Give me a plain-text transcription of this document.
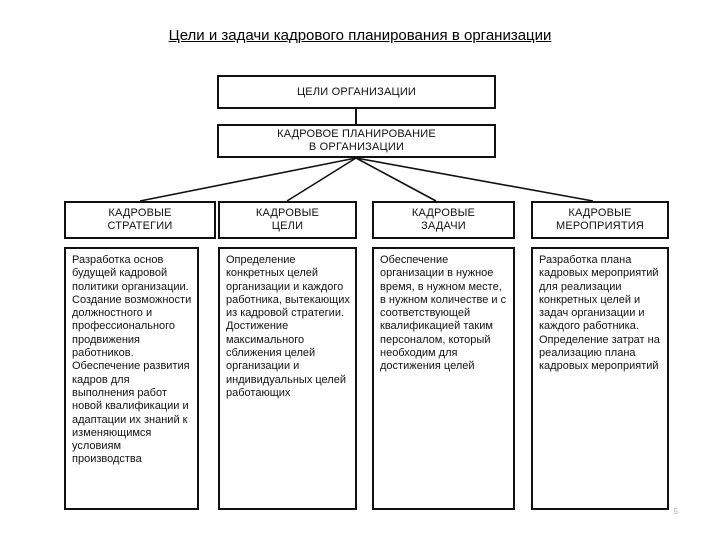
Цели и задачи кадрового планирования в организации
ЦЕЛИ ОРГАНИЗАЦИИ
КАДРОВОЕ ПЛАНИРОВАНИЕ
В ОРГАНИЗАЦИИ
КАДРОВЫЕ
СТРАТЕГИИ
КАДРОВЫЕ
ЦЕЛИ
КАДРОВЫЕ
ЗАДАЧИ
КАДРОВЫЕ
МЕРОПРИЯТИЯ
Разработка основ будущей кадровой политики организации. Создание возможности должностного и профессионального продвижения работников. Обеспечение развития кадров для выполнения работ новой квалификации и адаптации их знаний к изменяющимся условиям производства
Определение конкретных целей организации и каждого работника, вытекающих из кадровой стратегии. Достижение максимального сближения целей организации и индивидуальных целей работающих
Обеспечение организации в нужное время, в нужном месте, в нужном количестве и с соответствующей квалификацией таким персоналом, который необходим для достижения целей
Разработка плана кадровых мероприятий для реализации конкретных целей и задач организации и каждого работника. Определение затрат на реализацию плана кадровых мероприятий
5
